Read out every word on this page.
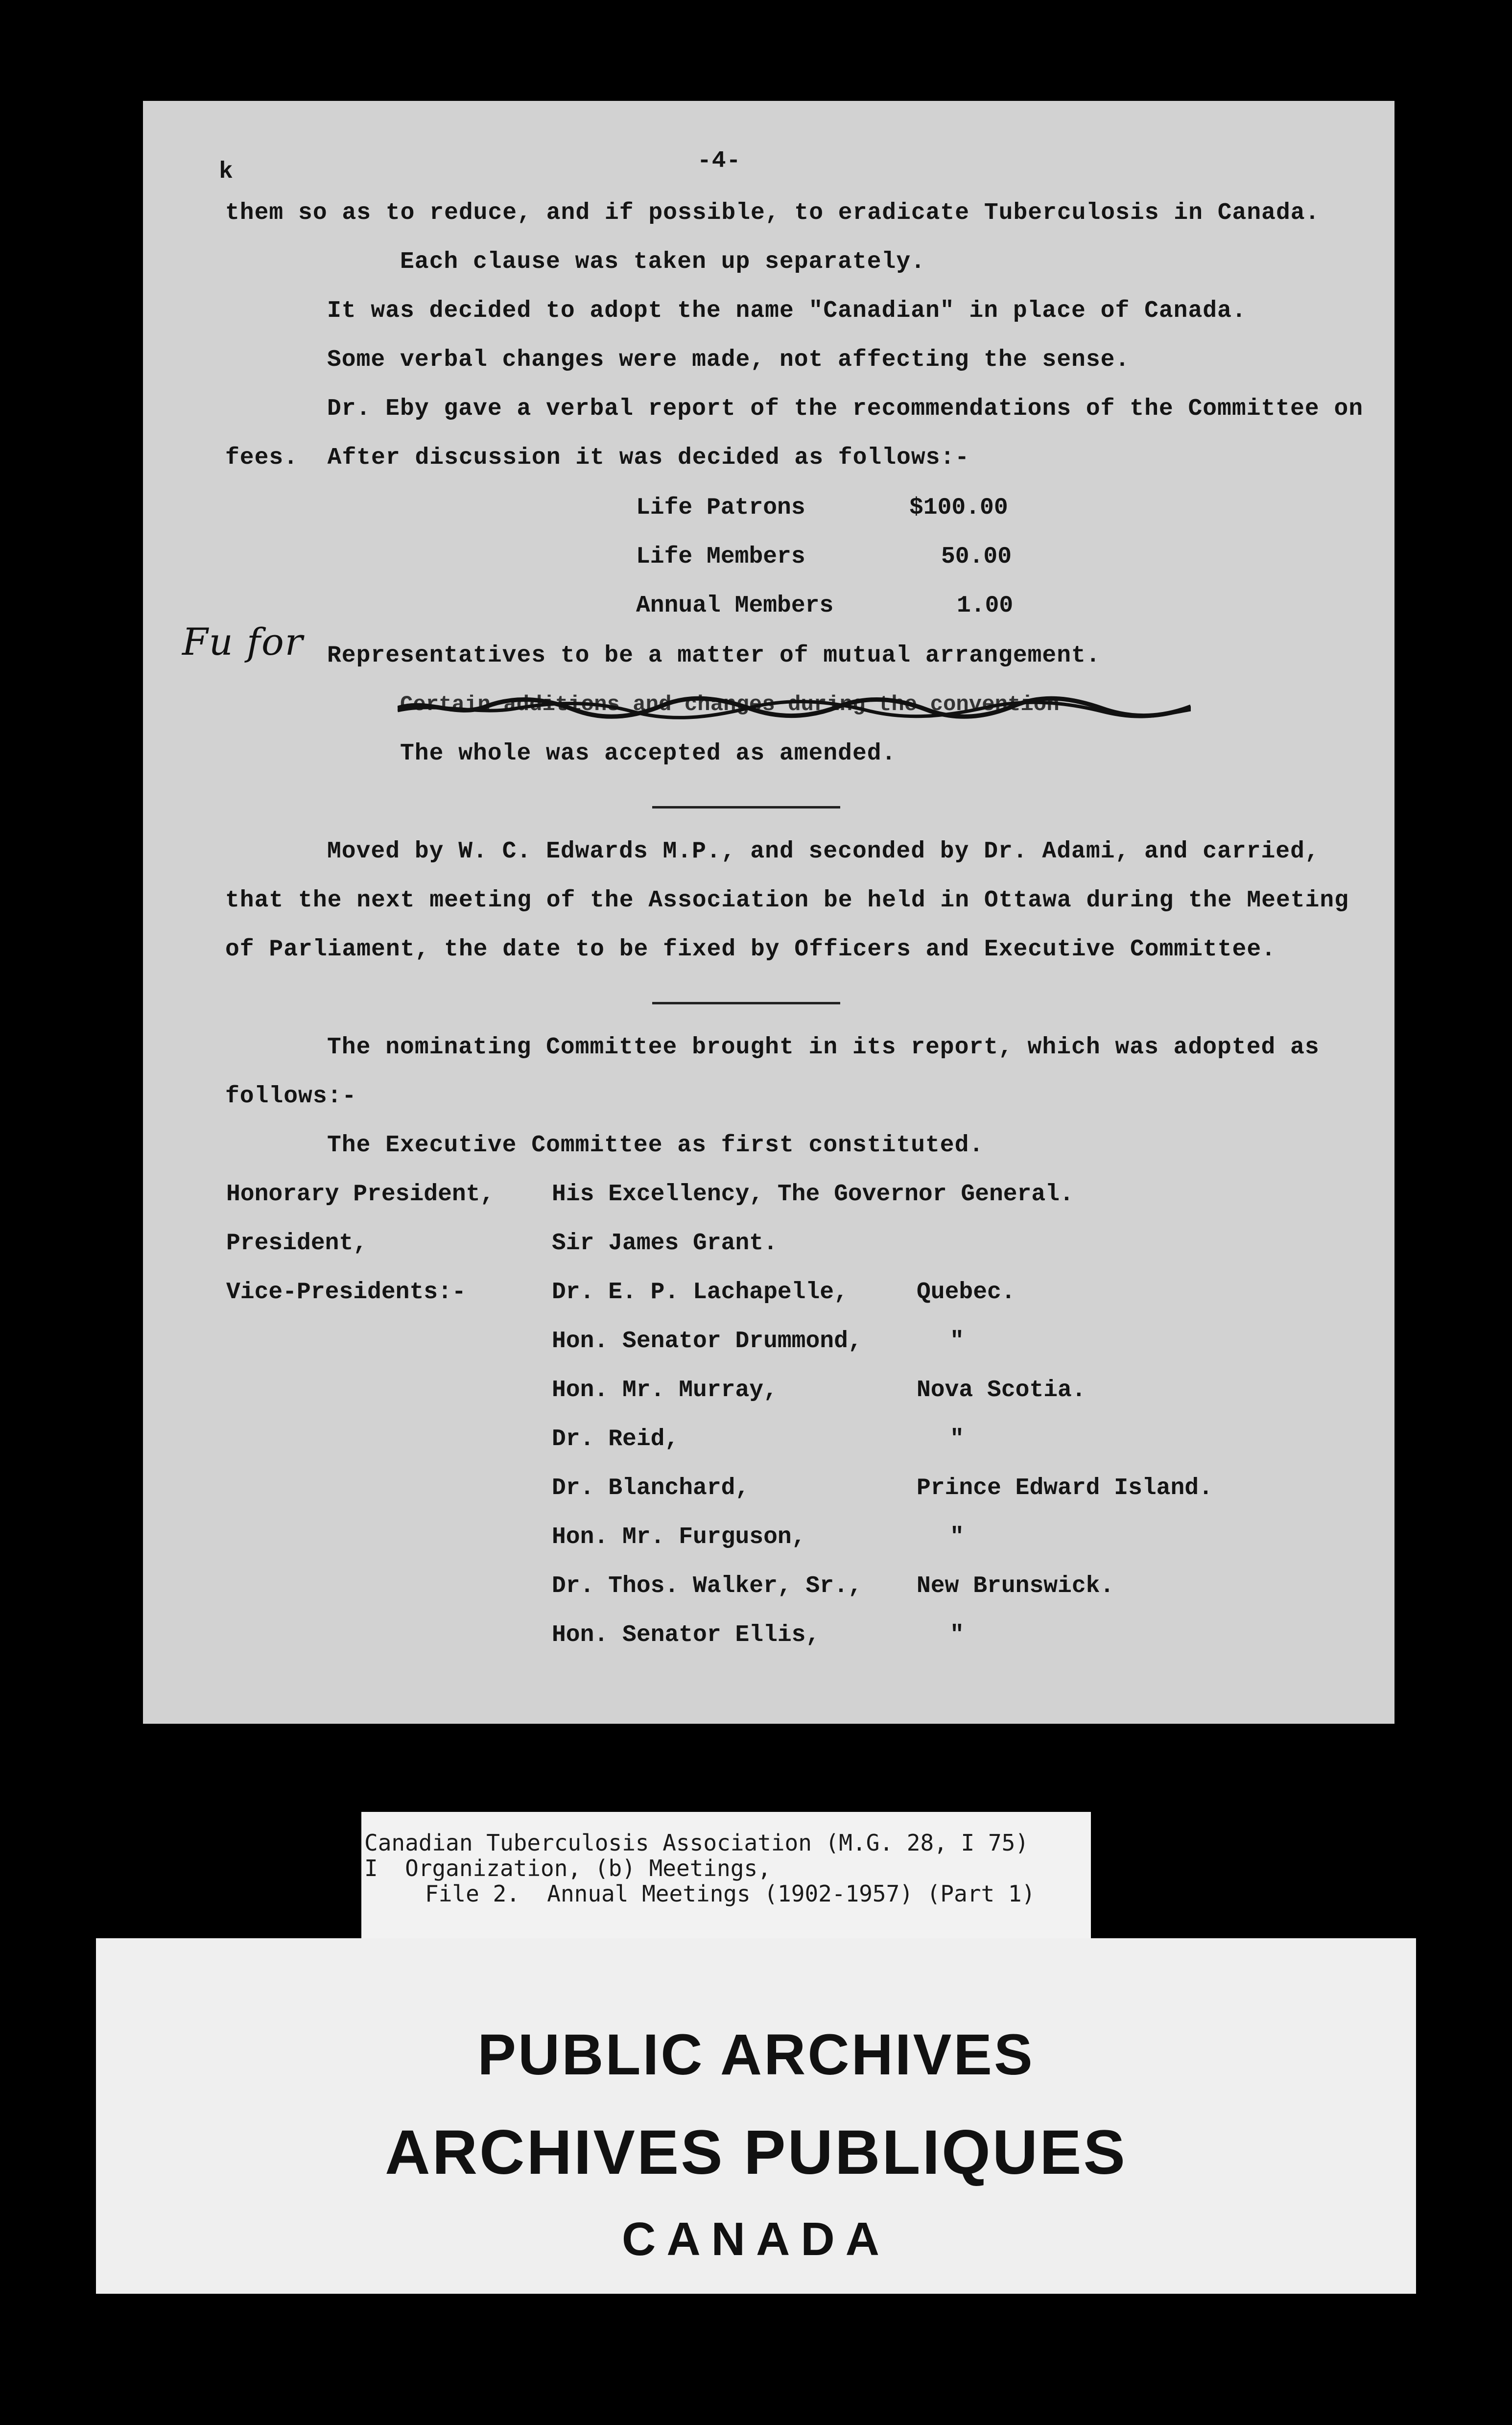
-4-
k
them so as to reduce, and if possible, to eradicate Tuberculosis in Canada.
Each clause was taken up separately.
It was decided to adopt the name "Canadian" in place of Canada.
Some verbal changes were made, not affecting the sense.
Dr. Eby gave a verbal report of the recommendations of the Committee on
fees.  After discussion it was decided as follows:-
Life Patrons	$100.00
Life Members	50.00
Annual Members	1.00
Fu for Representatives to be a matter of mutual arrangement.
Certain additions and changes during the convention
The whole was accepted as amended.
Moved by W. C. Edwards M.P., and seconded by Dr. Adami, and carried,
that the next meeting of the Association be held in Ottawa during the Meeting
of Parliament, the date to be fixed by Officers and Executive Committee.
The nominating Committee brought in its report, which was adopted as
follows:-
The Executive Committee as first constituted.
Honorary President, His Excellency, The Governor General.
President,	Sir James Grant.
Vice-Presidents:-	Dr. E. P. Lachapelle,	Quebec.
Hon. Senator Drummond,	"
Hon. Mr. Murray,	Nova Scotia.
Dr. Reid,	"
Dr. Blanchard,	Prince Edward Island.
Hon. Mr. Furguson,	"
Dr. Thos. Walker, Sr., New Brunswick.
Hon. Senator Ellis,	"
Canadian Tuberculosis Association (M.G. 28, I 75)
I  Organization, (b) Meetings,
File 2.  Annual Meetings (1902-1957) (Part 1)
PUBLIC ARCHIVES
ARCHIVES PUBLIQUES
CANADA
